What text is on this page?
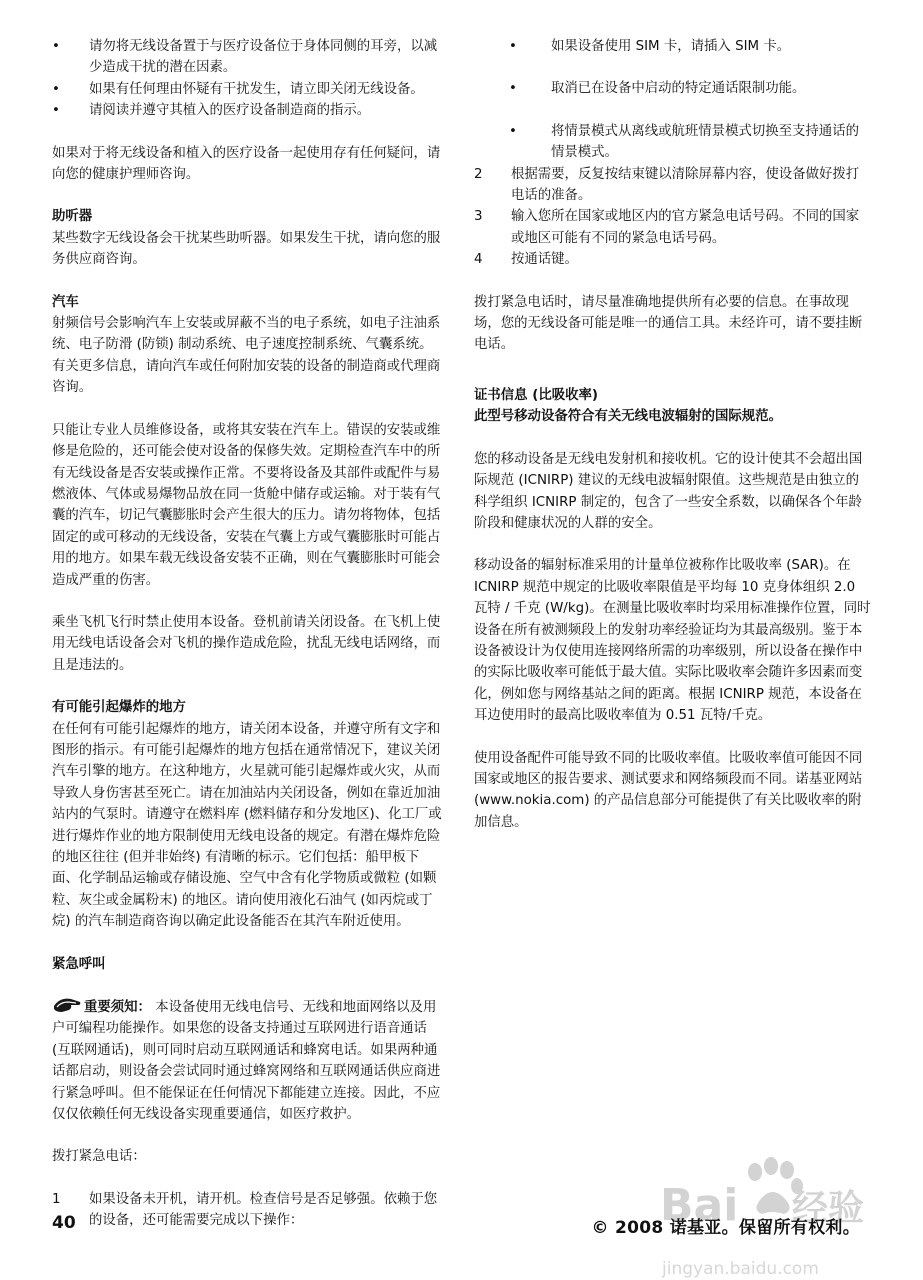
• 请勿将无线设备置于与医疗设备位于身体同侧的耳旁，以减少造成干扰的潜在因素。
• 如果有任何理由怀疑有干扰发生，请立即关闭无线设备。
• 请阅读并遵守其植入的医疗设备制造商的指示。

如果对于将无线设备和植入的医疗设备一起使用存有任何疑问，请向您的健康护理师咨询。

助听器

某些数字无线设备会干扰某些助听器。如果发生干扰，请向您的服务供应商咨询。

汽车

射频信号会影响汽车上安装或屏蔽不当的电子系统，如电子注油系统、电子防滑 (防锁) 制动系统、电子速度控制系统、气囊系统。有关更多信息，请向汽车或任何附加安装的设备的制造商或代理商咨询。

只能让专业人员维修设备，或将其安装在汽车上。错误的安装或维修是危险的，还可能会使对设备的保修失效。定期检查汽车中的所有无线设备是否安装或操作正常。不要将设备及其部件或配件与易燃液体、气体或易爆物品放在同一货舱中储存或运输。对于装有气囊的汽车，切记气囊膨胀时会产生很大的压力。请勿将物体，包括固定的或可移动的无线设备，安装在气囊上方或气囊膨胀时可能占用的地方。如果车载无线设备安装不正确，则在气囊膨胀时可能会造成严重的伤害。

乘坐飞机飞行时禁止使用本设备。登机前请关闭设备。在飞机上使用无线电话设备会对飞机的操作造成危险，扰乱无线电话网络，而且是违法的。

有可能引起爆炸的地方

在任何有可能引起爆炸的地方，请关闭本设备，并遵守所有文字和图形的指示。有可能引起爆炸的地方包括在通常情况下，建议关闭汽车引擎的地方。在这种地方，火星就可能引起爆炸或火灾，从而导致人身伤害甚至死亡。请在加油站内关闭设备，例如在靠近加油站内的气泵时。请遵守在燃料库 (燃料储存和分发地区)、化工厂或进行爆炸作业的地方限制使用无线电设备的规定。有潜在爆炸危险的地区往往 (但并非始终) 有清晰的标示。它们包括：船甲板下面、化学制品运输或存储设施、空气中含有化学物质或微粒 (如颗粒、灰尘或金属粉末) 的地区。请向使用液化石油气 (如丙烷或丁烷) 的汽车制造商咨询以确定此设备能否在其汽车附近使用。

紧急呼叫

重要须知： 本设备使用无线电信号、无线和地面网络以及用户可编程功能操作。如果您的设备支持通过互联网进行语音通话 (互联网通话)，则可同时启动互联网通话和蜂窝电话。如果两种通话都启动，则设备会尝试同时通过蜂窝网络和互联网通话供应商进行紧急呼叫。但不能保证在任何情况下都能建立连接。因此，不应仅仅依赖任何无线设备实现重要通信，如医疗救护。

拨打紧急电话：

1 如果设备未开机，请开机。检查信号是否足够强。依赖于您的设备，还可能需要完成以下操作：
•	如果设备使用 SIM 卡，请插入 SIM 卡。
•	取消已在设备中启动的特定通话限制功能。
•	将情景模式从离线或航班情景模式切换至支持通话的情景模式。
2 根据需要，反复按结束键以清除屏幕内容，使设备做好拨打电话的准备。
3 输入您所在国家或地区内的官方紧急电话号码。不同的国家或地区可能有不同的紧急电话号码。
4 按通话键。

拨打紧急电话时，请尽量准确地提供所有必要的信息。在事故现场，您的无线设备可能是唯一的通信工具。未经许可，请不要挂断电话。

证书信息 (比吸收率)

此型号移动设备符合有关无线电波辐射的国际规范。

您的移动设备是无线电发射机和接收机。它的设计使其不会超出国际规范 (ICNIRP) 建议的无线电波辐射限值。这些规范是由独立的科学组织 ICNIRP 制定的，包含了一些安全系数，以确保各个年龄阶段和健康状况的人群的安全。

移动设备的辐射标准采用的计量单位被称作比吸收率 (SAR)。在 ICNIRP 规范中规定的比吸收率限值是平均每 10 克身体组织 2.0 瓦特 / 千克 (W/kg)。在测量比吸收率时均采用标准操作位置，同时设备在所有被测频段上的发射功率经验证均为其最高级别。鉴于本设备被设计为仅使用连接网络所需的功率级别，所以设备在操作中的实际比吸收率可能低于最大值。实际比吸收率会随许多因素而变化，例如您与网络基站之间的距离。根据 ICNIRP 规范，本设备在耳边使用时的最高比吸收率值为 0.51 瓦特/千克。

使用设备配件可能导致不同的比吸收率值。比吸收率值可能因不同国家或地区的报告要求、测试要求和网络频段而不同。诺基亚网站 (www.nokia.com) 的产品信息部分可能提供了有关比吸收率的附加信息。

Bai 经验
jingyan.baidu.com
40	© 2008 诺基亚。保留所有权利。
